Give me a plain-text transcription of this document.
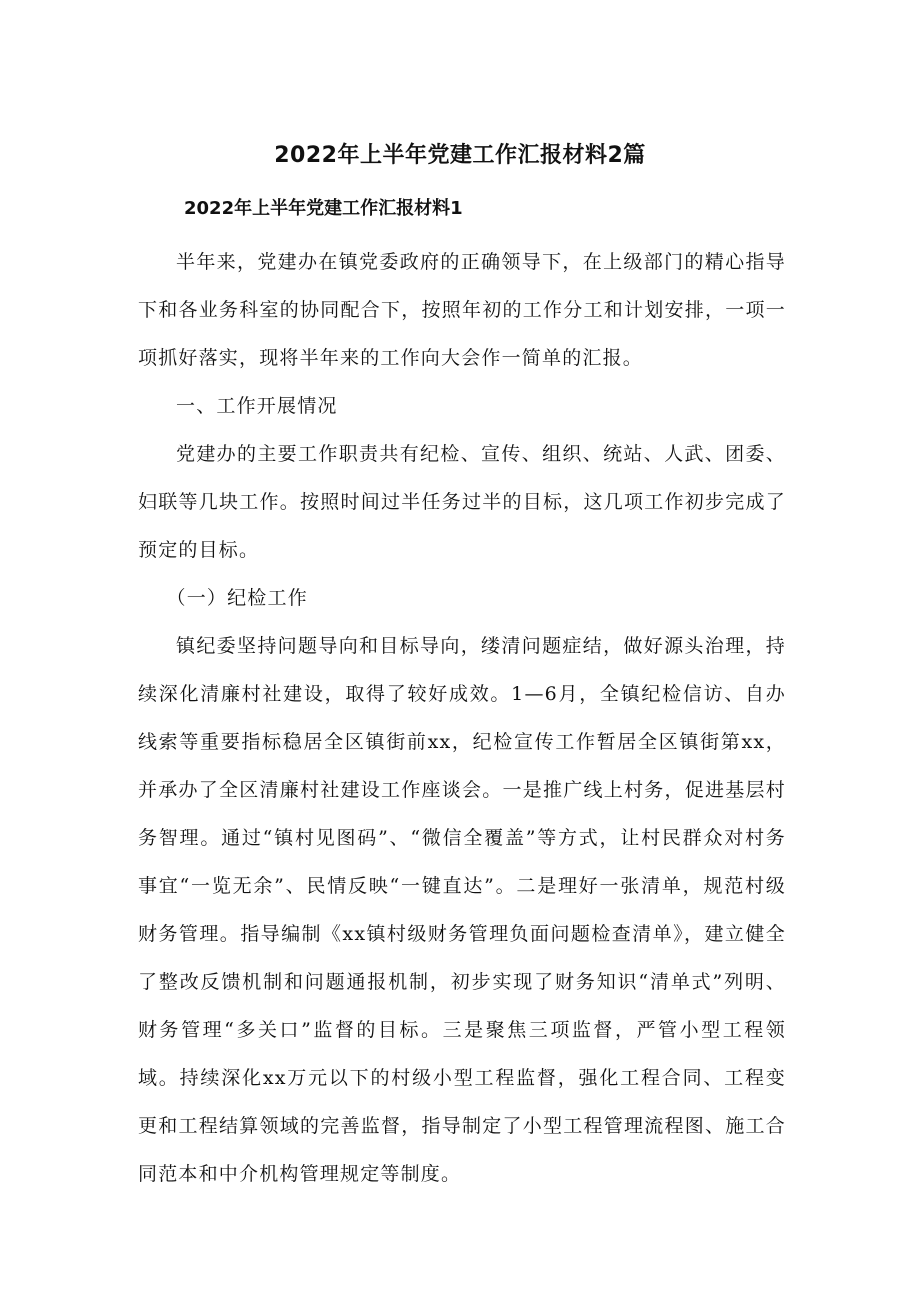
2022年上半年党建工作汇报材料2篇
2022年上半年党建工作汇报材料1

半年来，党建办在镇党委政府的正确领导下，在上级部门的精心指导下和各业务科室的协同配合下，按照年初的工作分工和计划安排，一项一项抓好落实，现将半年来的工作向大会作一简单的汇报。

一、工作开展情况

党建办的主要工作职责共有纪检、宣传、组织、统站、人武、团委、妇联等几块工作。按照时间过半任务过半的目标，这几项工作初步完成了预定的目标。

（一）纪检工作

镇纪委坚持问题导向和目标导向，缕清问题症结，做好源头治理，持续深化清廉村社建设，取得了较好成效。1—6月，全镇纪检信访、自办线索等重要指标稳居全区镇街前xx，纪检宣传工作暂居全区镇街第xx，并承办了全区清廉村社建设工作座谈会。一是推广线上村务，促进基层村务智理。通过“镇村见图码”、“微信全覆盖”等方式，让村民群众对村务事宜“一览无余”、民情反映“一键直达”。二是理好一张清单，规范村级财务管理。指导编制《xx镇村级财务管理负面问题检查清单》，建立健全了整改反馈机制和问题通报机制，初步实现了财务知识“清单式”列明、财务管理“多关口”监督的目标。三是聚焦三项监督，严管小型工程领域。持续深化xx万元以下的村级小型工程监督，强化工程合同、工程变更和工程结算领域的完善监督，指导制定了小型工程管理流程图、施工合同范本和中介机构管理规定等制度。
